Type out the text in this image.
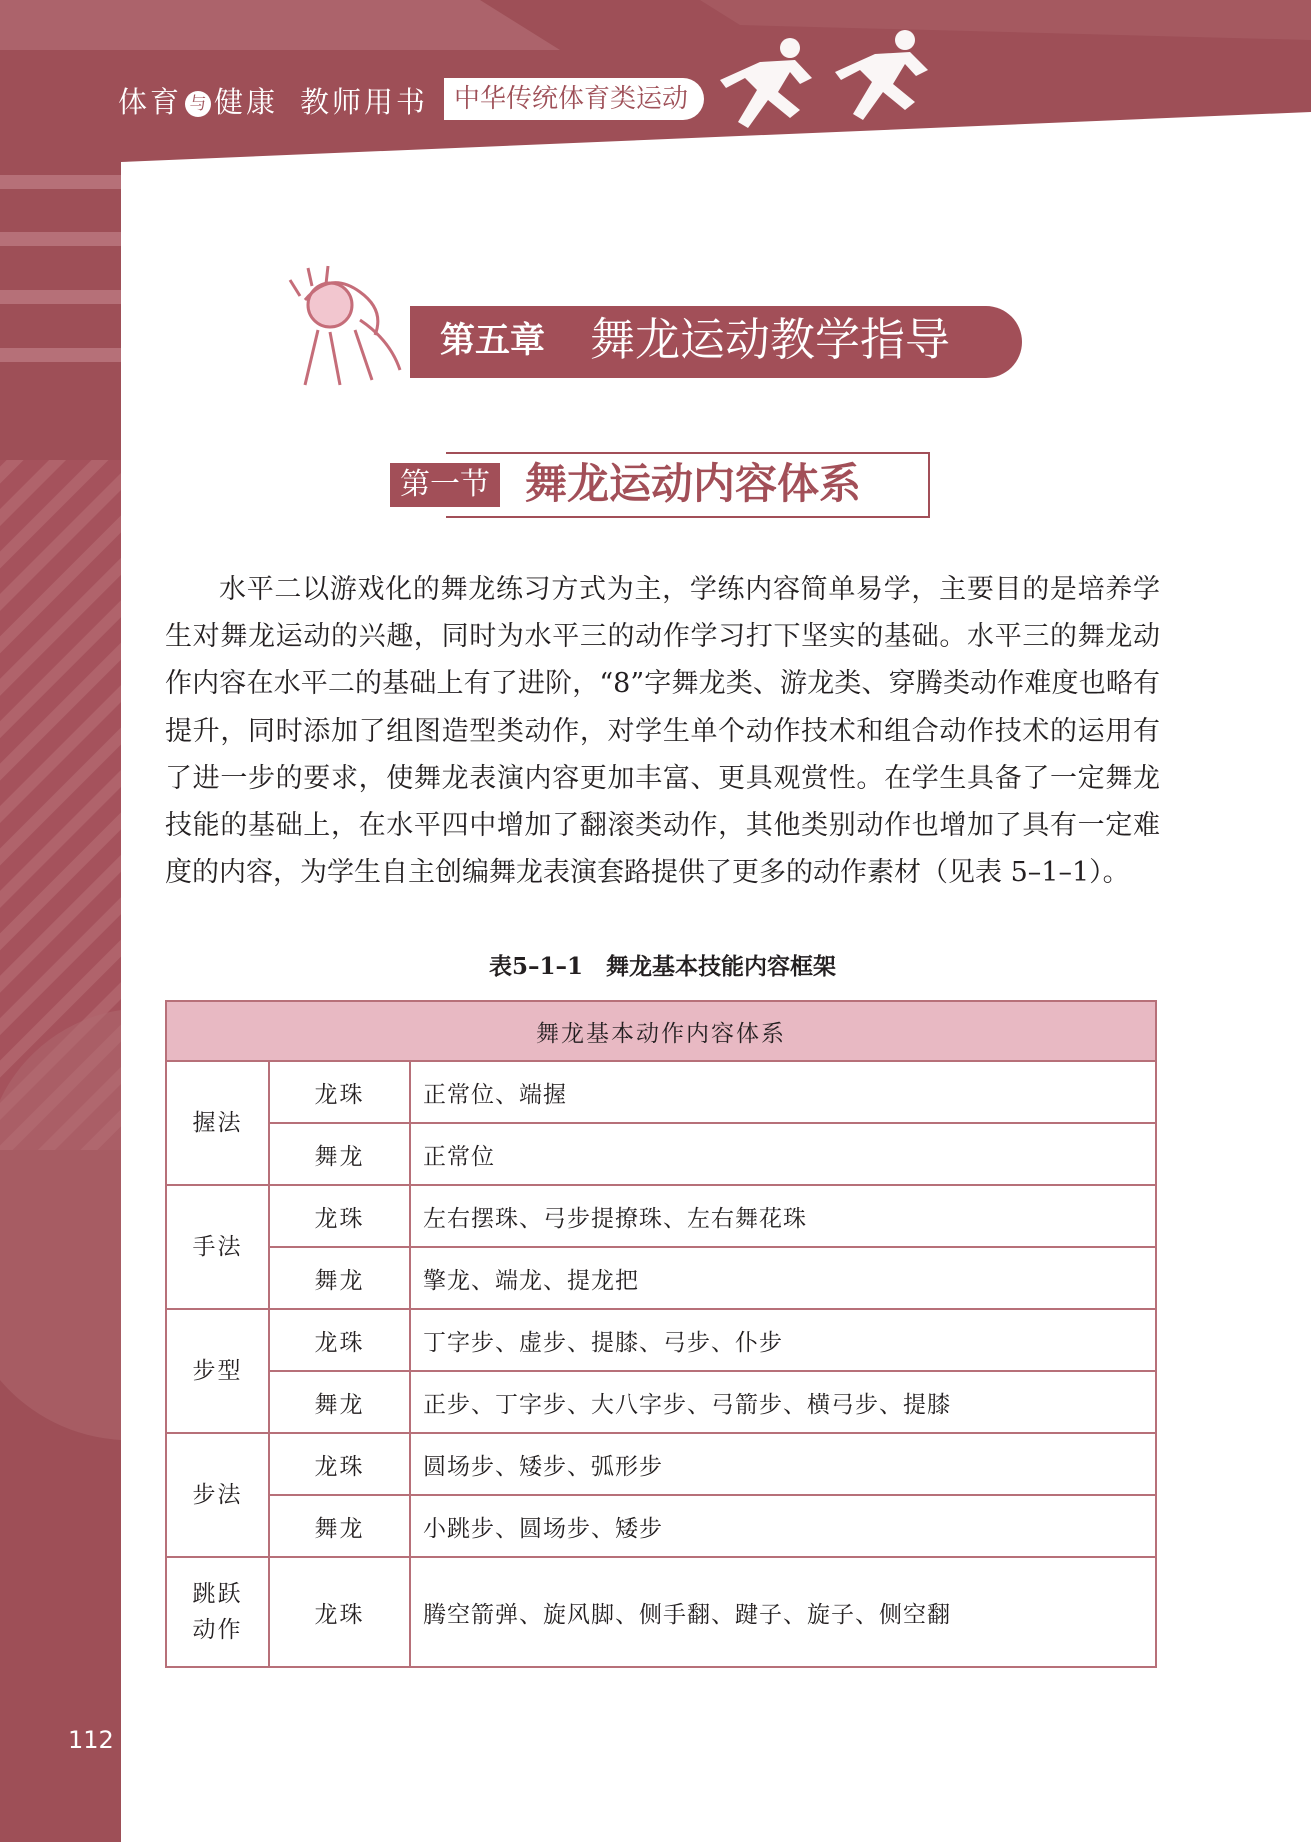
体育 与 健康 教师用书 中华传统体育类运动
第五章 舞龙运动教学指导
第一节 舞龙运动内容体系

水平二以游戏化的舞龙练习方式为主，学练内容简单易学，主要目的是培养学生对舞龙运动的兴趣，同时为水平三的动作学习打下坚实的基础。水平三的舞龙动作内容在水平二的基础上有了进阶，“8”字舞龙类、游龙类、穿腾类动作难度也略有提升，同时添加了组图造型类动作，对学生单个动作技术和组合动作技术的运用有了进一步的要求，使舞龙表演内容更加丰富、更具观赏性。在学生具备了一定舞龙技能的基础上，在水平四中增加了翻滚类动作，其他类别动作也增加了具有一定难度的内容，为学生自主创编舞龙表演套路提供了更多的动作素材（见表 5–1–1）。

表5–1–1　舞龙基本技能内容框架
舞龙基本动作内容体系		
握法	龙珠	正常位、端握
	舞龙	正常位
手法	龙珠	左右摆珠、弓步提撩珠、左右舞花珠
	舞龙	擎龙、端龙、提龙把
步型	龙珠	丁字步、虚步、提膝、弓步、仆步
	舞龙	正步、丁字步、大八字步、弓箭步、横弓步、提膝
步法	龙珠	圆场步、矮步、弧形步
	舞龙	小跳步、圆场步、矮步
跳跃
动作	龙珠	腾空箭弹、旋风脚、侧手翻、踺子、旋子、侧空翻
112
